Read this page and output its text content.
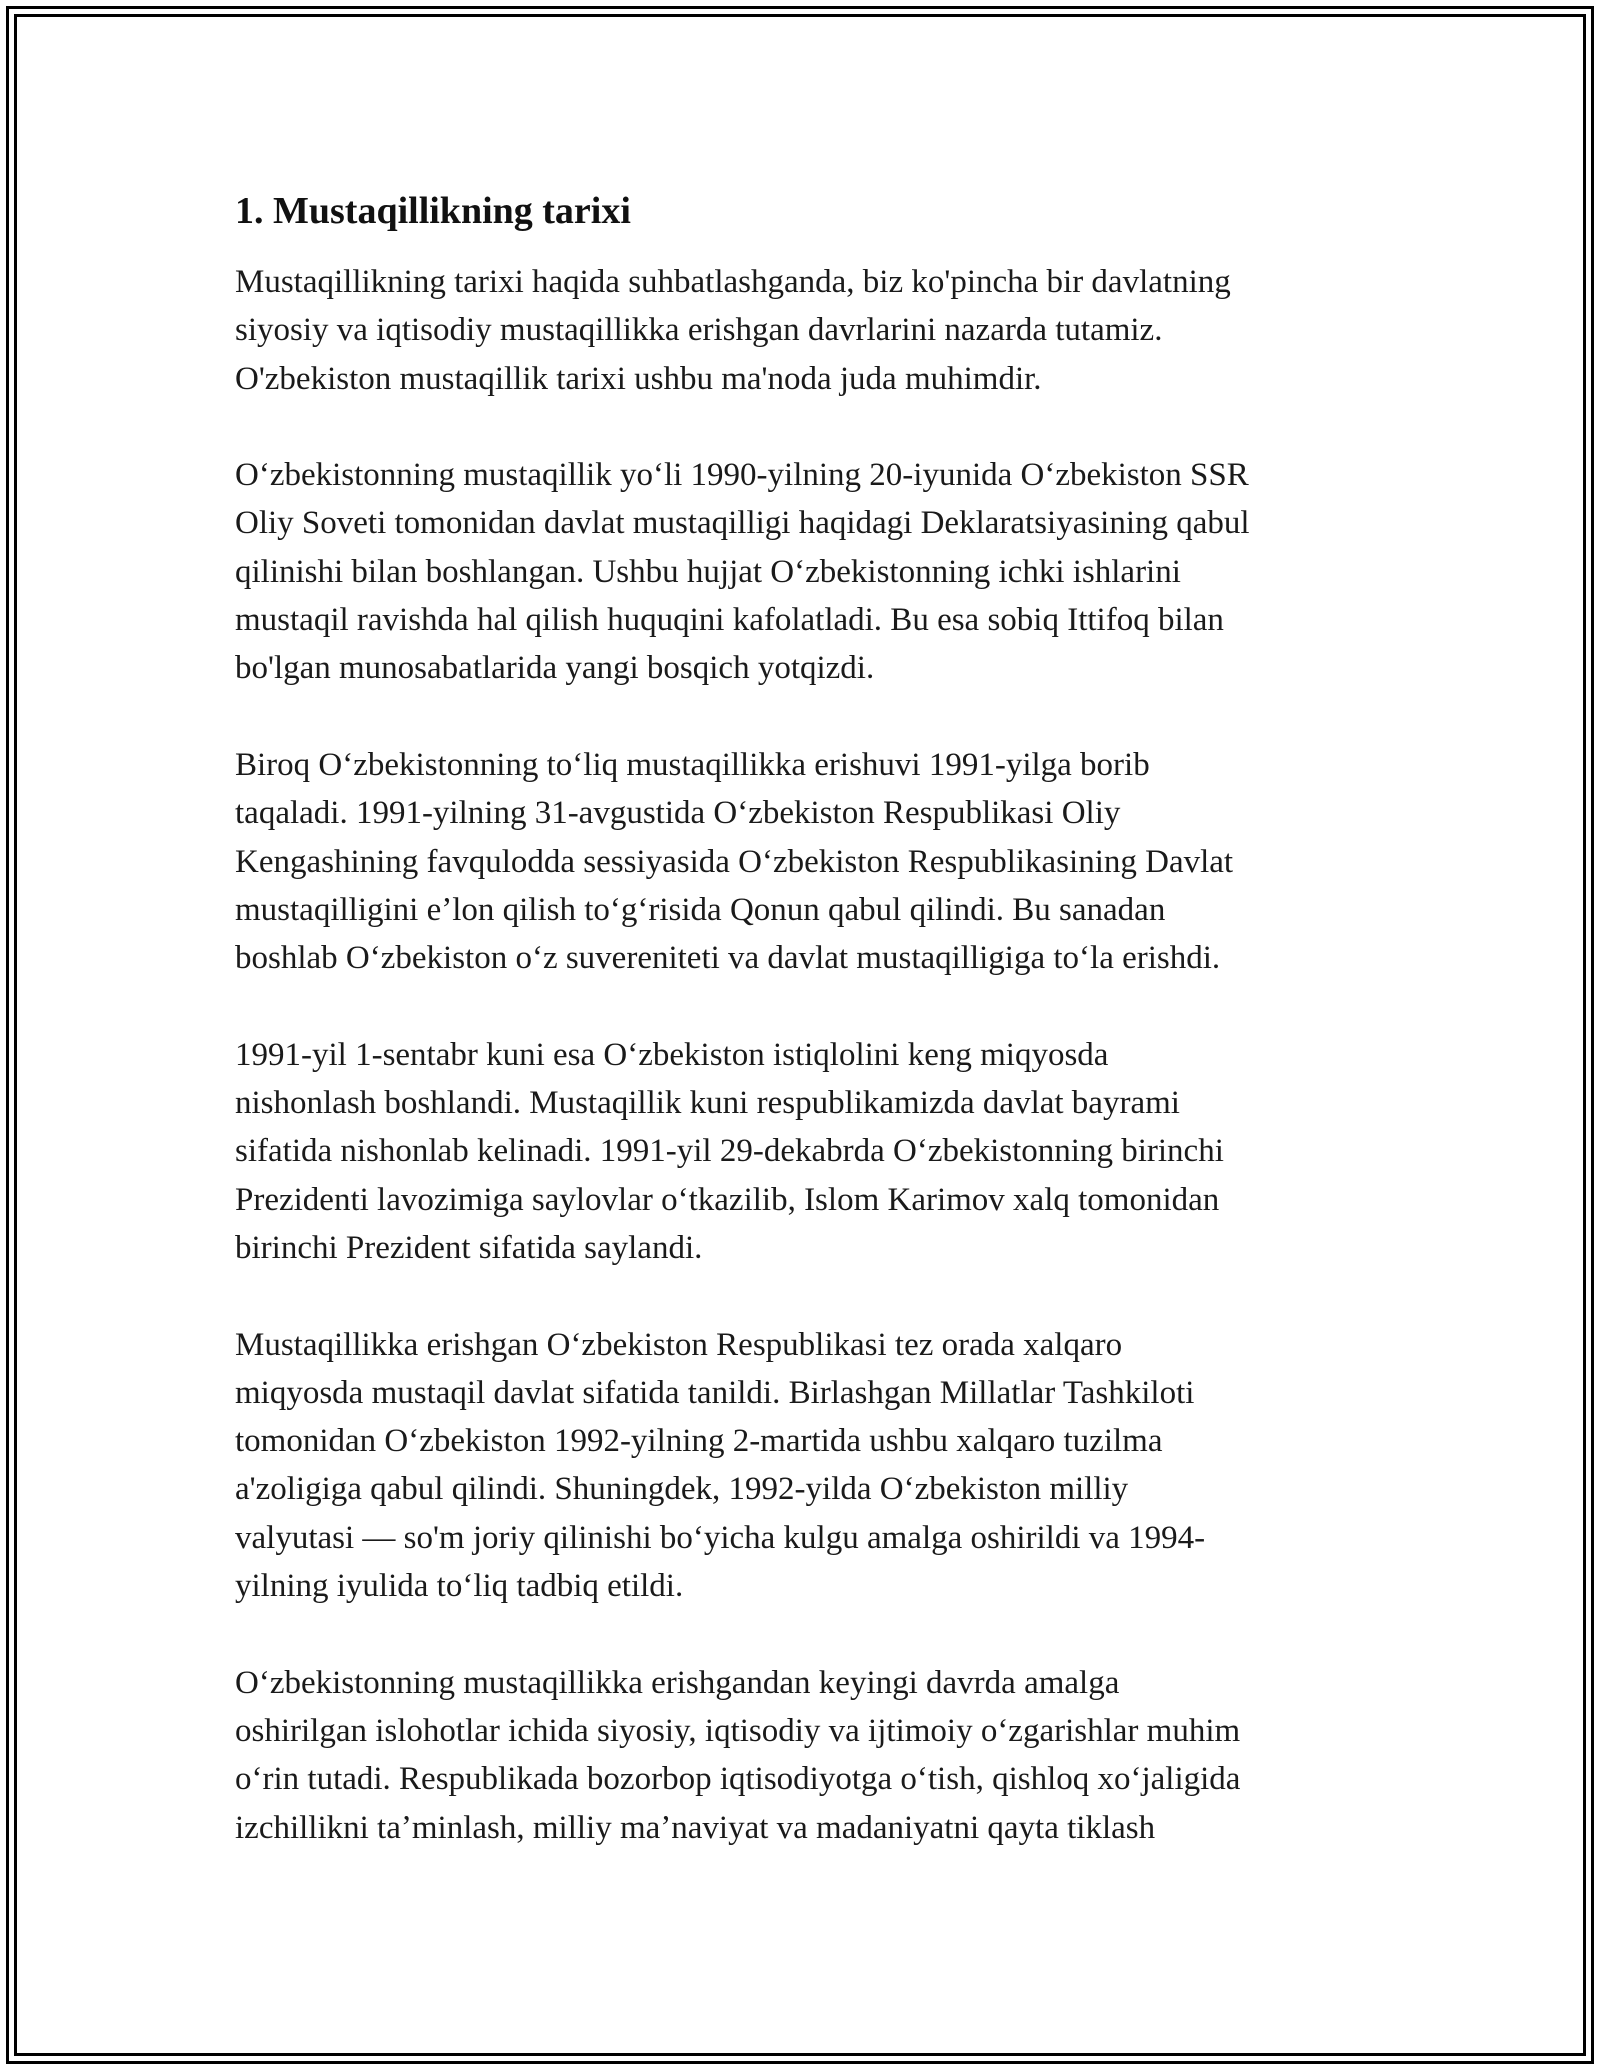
1. Mustaqillikning tarixi

Mustaqillikning tarixi haqida suhbatlashganda, biz ko'pincha bir davlatning
siyosiy va iqtisodiy mustaqillikka erishgan davrlarini nazarda tutamiz.
O'zbekiston mustaqillik tarixi ushbu ma'noda juda muhimdir.

Oʻzbekistonning mustaqillik yoʻli 1990-yilning 20-iyunida Oʻzbekiston SSR
Oliy Soveti tomonidan davlat mustaqilligi haqidagi Deklaratsiyasining qabul
qilinishi bilan boshlangan. Ushbu hujjat Oʻzbekistonning ichki ishlarini
mustaqil ravishda hal qilish huquqini kafolatladi. Bu esa sobiq Ittifoq bilan
bo'lgan munosabatlarida yangi bosqich yotqizdi.

Biroq Oʻzbekistonning toʻliq mustaqillikka erishuvi 1991-yilga borib
taqaladi. 1991-yilning 31-avgustida Oʻzbekiston Respublikasi Oliy
Kengashining favqulodda sessiyasida Oʻzbekiston Respublikasining Davlat
mustaqilligini eʼlon qilish toʻgʻrisida Qonun qabul qilindi. Bu sanadan
boshlab Oʻzbekiston oʻz suvereniteti va davlat mustaqilligiga toʻla erishdi.

1991-yil 1-sentabr kuni esa Oʻzbekiston istiqlolini keng miqyosda
nishonlash boshlandi. Mustaqillik kuni respublikamizda davlat bayrami
sifatida nishonlab kelinadi. 1991-yil 29-dekabrda Oʻzbekistonning birinchi
Prezidenti lavozimiga saylovlar oʻtkazilib, Islom Karimov xalq tomonidan
birinchi Prezident sifatida saylandi.

Mustaqillikka erishgan Oʻzbekiston Respublikasi tez orada xalqaro
miqyosda mustaqil davlat sifatida tanildi. Birlashgan Millatlar Tashkiloti
tomonidan Oʻzbekiston 1992-yilning 2-martida ushbu xalqaro tuzilma
a'zoligiga qabul qilindi. Shuningdek, 1992-yilda Oʻzbekiston milliy
valyutasi — so'm joriy qilinishi boʻyicha kulgu amalga oshirildi va 1994-
yilning iyulida toʻliq tadbiq etildi.

Oʻzbekistonning mustaqillikka erishgandan keyingi davrda amalga
oshirilgan islohotlar ichida siyosiy, iqtisodiy va ijtimoiy oʻzgarishlar muhim
oʻrin tutadi. Respublikada bozorbop iqtisodiyotga oʻtish, qishloq xoʻjaligida
izchillikni taʼminlash, milliy maʼnaviyat va madaniyatni qayta tiklash
